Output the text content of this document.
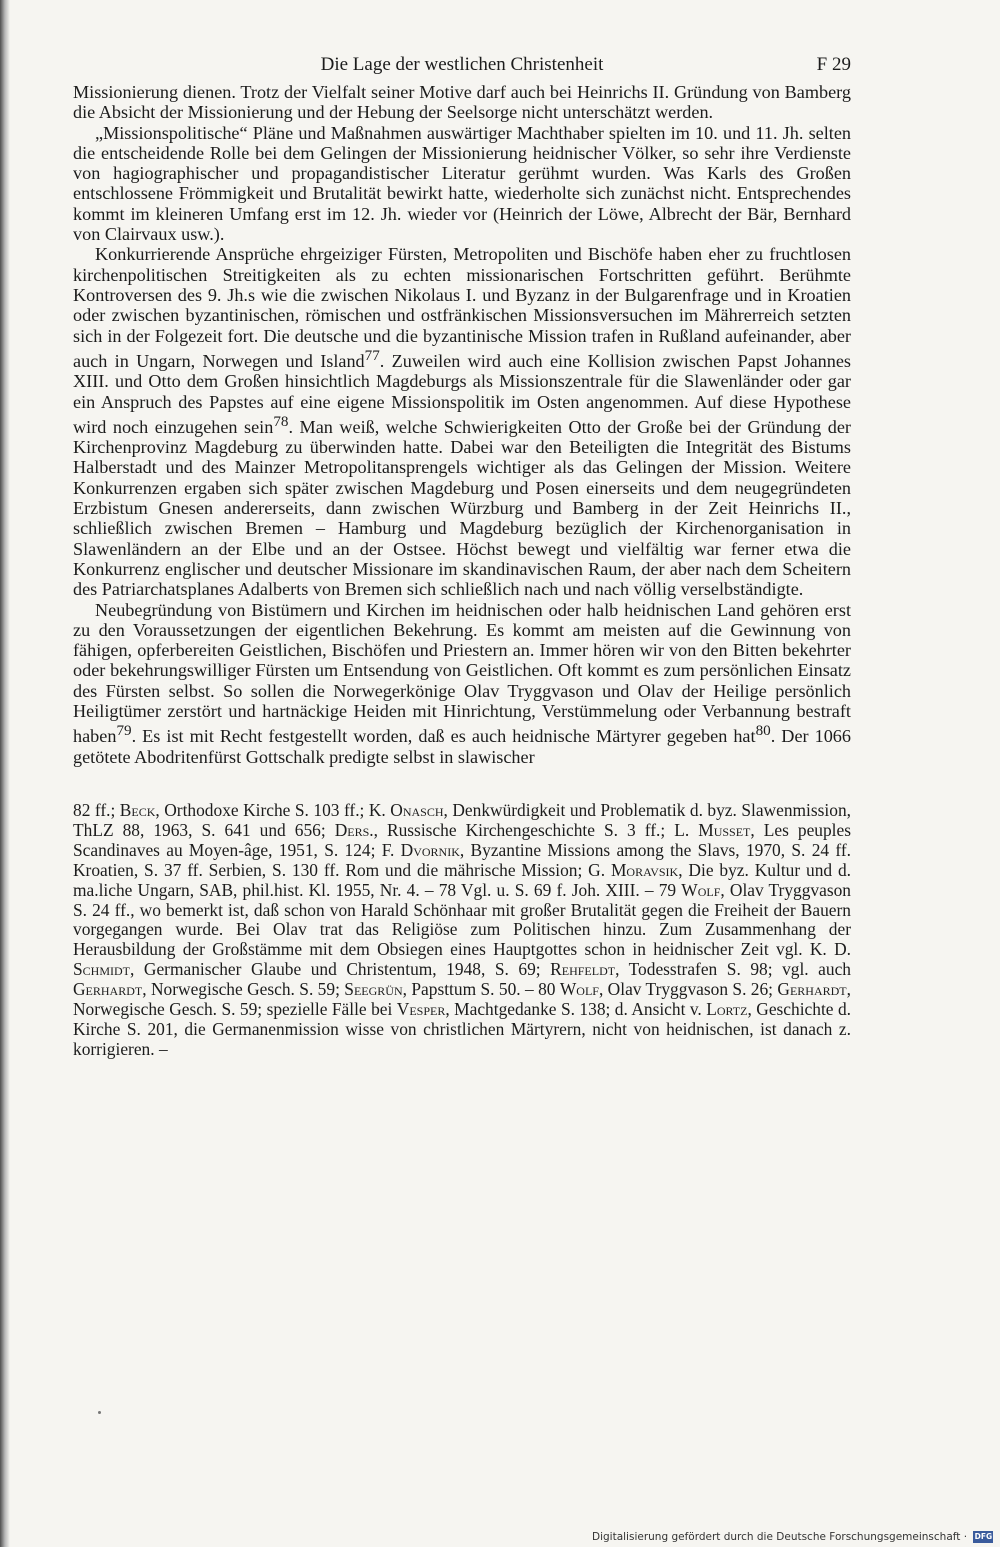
Die Lage der westlichen Christenheit	F 29

Missionierung dienen. Trotz der Vielfalt seiner Motive darf auch bei Heinrichs II. Gründung von Bamberg die Absicht der Missionierung und der Hebung der Seelsorge nicht unterschätzt werden.

„Missionspolitische“ Pläne und Maßnahmen auswärtiger Machthaber spielten im 10. und 11. Jh. selten die entscheidende Rolle bei dem Gelingen der Missionierung heidnischer Völker, so sehr ihre Verdienste von hagiographischer und propagandistischer Literatur gerühmt wurden. Was Karls des Großen entschlossene Frömmigkeit und Brutalität bewirkt hatte, wiederholte sich zunächst nicht. Entsprechendes kommt im kleineren Umfang erst im 12. Jh. wieder vor (Heinrich der Löwe, Albrecht der Bär, Bernhard von Clairvaux usw.).

Konkurrierende Ansprüche ehrgeiziger Fürsten, Metropoliten und Bischöfe haben eher zu fruchtlosen kirchenpolitischen Streitigkeiten als zu echten missionarischen Fortschritten geführt. Berühmte Kontroversen des 9. Jh.s wie die zwischen Nikolaus I. und Byzanz in der Bulgarenfrage und in Kroatien oder zwischen byzantinischen, römischen und ostfränkischen Missionsversuchen im Mährerreich setzten sich in der Folgezeit fort. Die deutsche und die byzantinische Mission trafen in Rußland aufeinander, aber auch in Ungarn, Norwegen und Island$^{77}$. Zuweilen wird auch eine Kollision zwischen Papst Johannes XIII. und Otto dem Großen hinsichtlich Magdeburgs als Missionszentrale für die Slawenländer oder gar ein Anspruch des Papstes auf eine eigene Missionspolitik im Osten angenommen. Auf diese Hypothese wird noch einzugehen sein$^{78}$. Man weiß, welche Schwierigkeiten Otto der Große bei der Gründung der Kirchenprovinz Magdeburg zu überwinden hatte. Dabei war den Beteiligten die Integrität des Bistums Halberstadt und des Mainzer Metropolitansprengels wichtiger als das Gelingen der Mission. Weitere Konkurrenzen ergaben sich später zwischen Magdeburg und Posen einerseits und dem neugegründeten Erzbistum Gnesen andererseits, dann zwischen Würzburg und Bamberg in der Zeit Heinrichs II., schließlich zwischen Bremen – Hamburg und Magdeburg bezüglich der Kirchenorganisation in Slawenländern an der Elbe und an der Ostsee. Höchst bewegt und vielfältig war ferner etwa die Konkurrenz englischer und deutscher Missionare im skandinavischen Raum, der aber nach dem Scheitern des Patriarchatsplanes Adalberts von Bremen sich schließlich nach und nach völlig verselbständigte.

Neubegründung von Bistümern und Kirchen im heidnischen oder halb heidnischen Land gehören erst zu den Voraussetzungen der eigentlichen Bekehrung. Es kommt am meisten auf die Gewinnung von fähigen, opferbereiten Geistlichen, Bischöfen und Priestern an. Immer hören wir von den Bitten bekehrter oder bekehrungswilliger Fürsten um Entsendung von Geistlichen. Oft kommt es zum persönlichen Einsatz des Fürsten selbst. So sollen die Norwegerkönige Olav Tryggvason und Olav der Heilige persönlich Heiligtümer zerstört und hartnäckige Heiden mit Hinrichtung, Verstümmelung oder Verbannung bestraft haben$^{79}$. Es ist mit Recht festgestellt worden, daß es auch heidnische Märtyrer gegeben hat$^{80}$. Der 1066 getötete Abodritenfürst Gottschalk predigte selbst in slawischer

82 ff.; Beck, Orthodoxe Kirche S. 103 ff.; K. Onasch, Denkwürdigkeit und Problematik d. byz. Slawenmission, ThLZ 88, 1963, S. 641 und 656; Ders., Russische Kirchengeschichte S. 3 ff.; L. Musset, Les peuples Scandinaves au Moyen-âge, 1951, S. 124; F. Dvornik, Byzantine Missions among the Slavs, 1970, S. 24 ff. Kroatien, S. 37 ff. Serbien, S. 130 ff. Rom und die mährische Mission; G. Moravsik, Die byz. Kultur und d. ma.liche Ungarn, SAB, phil.hist. Kl. 1955, Nr. 4. – 78 Vgl. u. S. 69 f. Joh. XIII. – 79 Wolf, Olav Tryggvason S. 24 ff., wo bemerkt ist, daß schon von Harald Schönhaar mit großer Brutalität gegen die Freiheit der Bauern vorgegangen wurde. Bei Olav trat das Religiöse zum Politischen hinzu. Zum Zusammenhang der Herausbildung der Großstämme mit dem Obsiegen eines Hauptgottes schon in heidnischer Zeit vgl. K. D. Schmidt, Germanischer Glaube und Christentum, 1948, S. 69; Rehfeldt, Todesstrafen S. 98; vgl. auch Gerhardt, Norwegische Gesch. S. 59; Seegrün, Papsttum S. 50. – 80 Wolf, Olav Tryggvason S. 26; Gerhardt, Norwegische Gesch. S. 59; spezielle Fälle bei Vesper, Machtgedanke S. 138; d. Ansicht v. Lortz, Geschichte d. Kirche S. 201, die Germanenmission wisse von christlichen Märtyrern, nicht von heidnischen, ist danach z. korrigieren. –

Digitalisierung gefördert durch die Deutsche Forschungsgemeinschaft · DFG
